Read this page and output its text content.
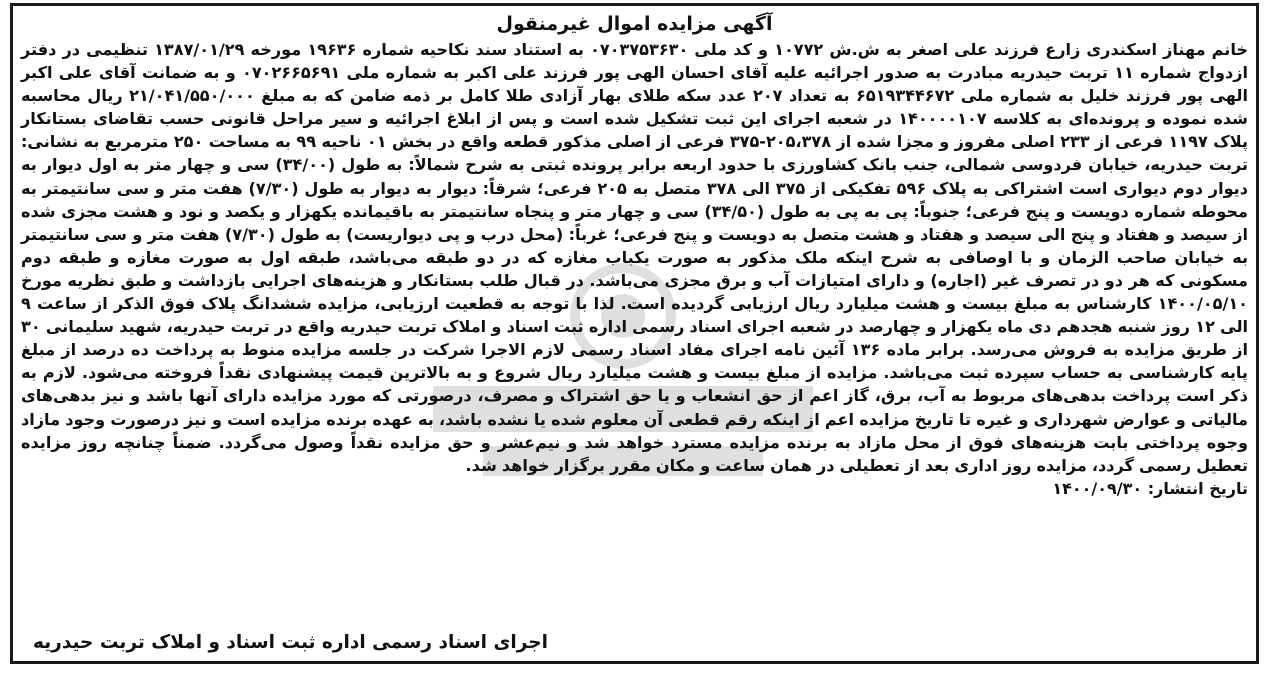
آگهی مزایده اموال غیرمنقول

خانم مهناز اسکندری زارع فرزند علی اصغر به ش.ش ۱۰۷۷۲ و کد ملی ۰۷۰۳۷۵۳۶۳۰ به استناد سند نکاحیه شماره ۱۹۶۳۶ مورخه ۱۳۸۷/۰۱/۲۹ تنظیمی در دفتر ازدواج شماره ۱۱ تربت حیدریه مبادرت به صدور اجرائیه علیه آقای احسان الهی پور فرزند علی اکبر به شماره ملی ۰۷۰۲۶۶۵۶۹۱ و به ضمانت آقای علی اکبر الهی پور فرزند خلیل به شماره ملی ۶۵۱۹۳۴۴۶۷۲ به تعداد ۲۰۷ عدد سکه طلای بهار آزادی طلا کامل بر ذمه ضامن که به مبلغ ۲۱/۰۴۱/۵۵۰/۰۰۰ ریال محاسبه شده نموده و پرونده‌ای به کلاسه ۱۴۰۰۰۰۱۰۷ در شعبه اجرای این ثبت تشکیل شده است و پس از ابلاغ اجرائیه و سیر مراحل قانونی حسب تقاضای بستانکار پلاک ۱۱۹۷ فرعی از ۲۳۳ اصلی مفروز و مجزا شده از ۲۰۵،۳۷۸-۳۷۵ فرعی از اصلی مذکور قطعه واقع در بخش ۰۱ ناحیه ۹۹ به مساحت ۲۵۰ مترمربع به نشانی: تربت حیدریه، خیابان فردوسی شمالی، جنب بانک کشاورزی با حدود اربعه برابر پرونده ثبتی به شرح شمالاً: به طول (۳۴/۰۰) سی و چهار متر به اول دیوار به دیوار دوم دیواری است اشتراکی به پلاک ۵۹۶ تفکیکی از ۳۷۵ الی ۳۷۸ متصل به ۲۰۵ فرعی؛ شرقاً: دیوار به دیوار به طول (۷/۳۰) هفت متر و سی سانتیمتر به محوطه شماره دویست و پنج فرعی؛ جنوباً: پی به پی به طول (۳۴/۵۰) سی و چهار متر و پنجاه سانتیمتر به باقیمانده یکهزار و یکصد و نود و هشت مجزی شده از سیصد و هفتاد و پنج الی سیصد و هفتاد و هشت متصل به دویست و پنج فرعی؛ غرباً: (محل درب و پی دیواریست) به طول (۷/۳۰) هفت متر و سی سانتیمتر به خیابان صاحب الزمان و با اوصافی به شرح اینکه ملک مذکور به صورت یکباب مغازه که در دو طبقه می‌باشد، طبقه اول به صورت مغازه و طبقه دوم مسکونی که هر دو در تصرف غیر (اجاره) و دارای امتیازات آب و برق مجزی می‌باشد. در قبال طلب بستانکار و هزینه‌های اجرایی بازداشت و طبق نظریه مورخ ۱۴۰۰/۰۵/۱۰ کارشناس به مبلغ بیست و هشت میلیارد ریال ارزیابی گردیده است. لذا با توجه به قطعیت ارزیابی، مزایده ششدانگ پلاک فوق الذکر از ساعت ۹ الی ۱۲ روز شنبه هجدهم دی ماه یکهزار و چهارصد در شعبه اجرای اسناد رسمی اداره ثبت اسناد و املاک تربت حیدریه واقع در تربت حیدریه، شهید سلیمانی ۳۰ از طریق مزایده به فروش می‌رسد. برابر ماده ۱۳۶ آئین نامه اجرای مفاد اسناد رسمی لازم الاجرا شرکت در جلسه مزایده منوط به پرداخت ده درصد از مبلغ پایه کارشناسی به حساب سپرده ثبت می‌باشد. مزایده از مبلغ بیست و هشت میلیارد ریال شروع و به بالاترین قیمت پیشنهادی نقداً فروخته می‌شود. لازم به ذکر است پرداخت بدهی‌های مربوط به آب، برق، گاز اعم از حق انشعاب و یا حق اشتراک و مصرف، درصورتی که مورد مزایده دارای آنها باشد و نیز بدهی‌های مالیاتی و عوارض شهرداری و غیره تا تاریخ مزایده اعم از اینکه رقم قطعی آن معلوم شده یا نشده باشد، به عهده برنده مزایده است و نیز درصورت وجود مازاد وجوه پرداختی بابت هزینه‌های فوق از محل مازاد به برنده مزایده مسترد خواهد شد و نیم‌عشر و حق مزایده نقداً وصول می‌گردد. ضمناً چنانچه روز مزایده تعطیل رسمی گردد، مزایده روز اداری بعد از تعطیلی در همان ساعت و مکان مقرر برگزار خواهد شد.

تاریخ انتشار: ۱۴۰۰/۰۹/۳۰
اجرای اسناد رسمی اداره ثبت اسناد و املاک تربت حیدریه
